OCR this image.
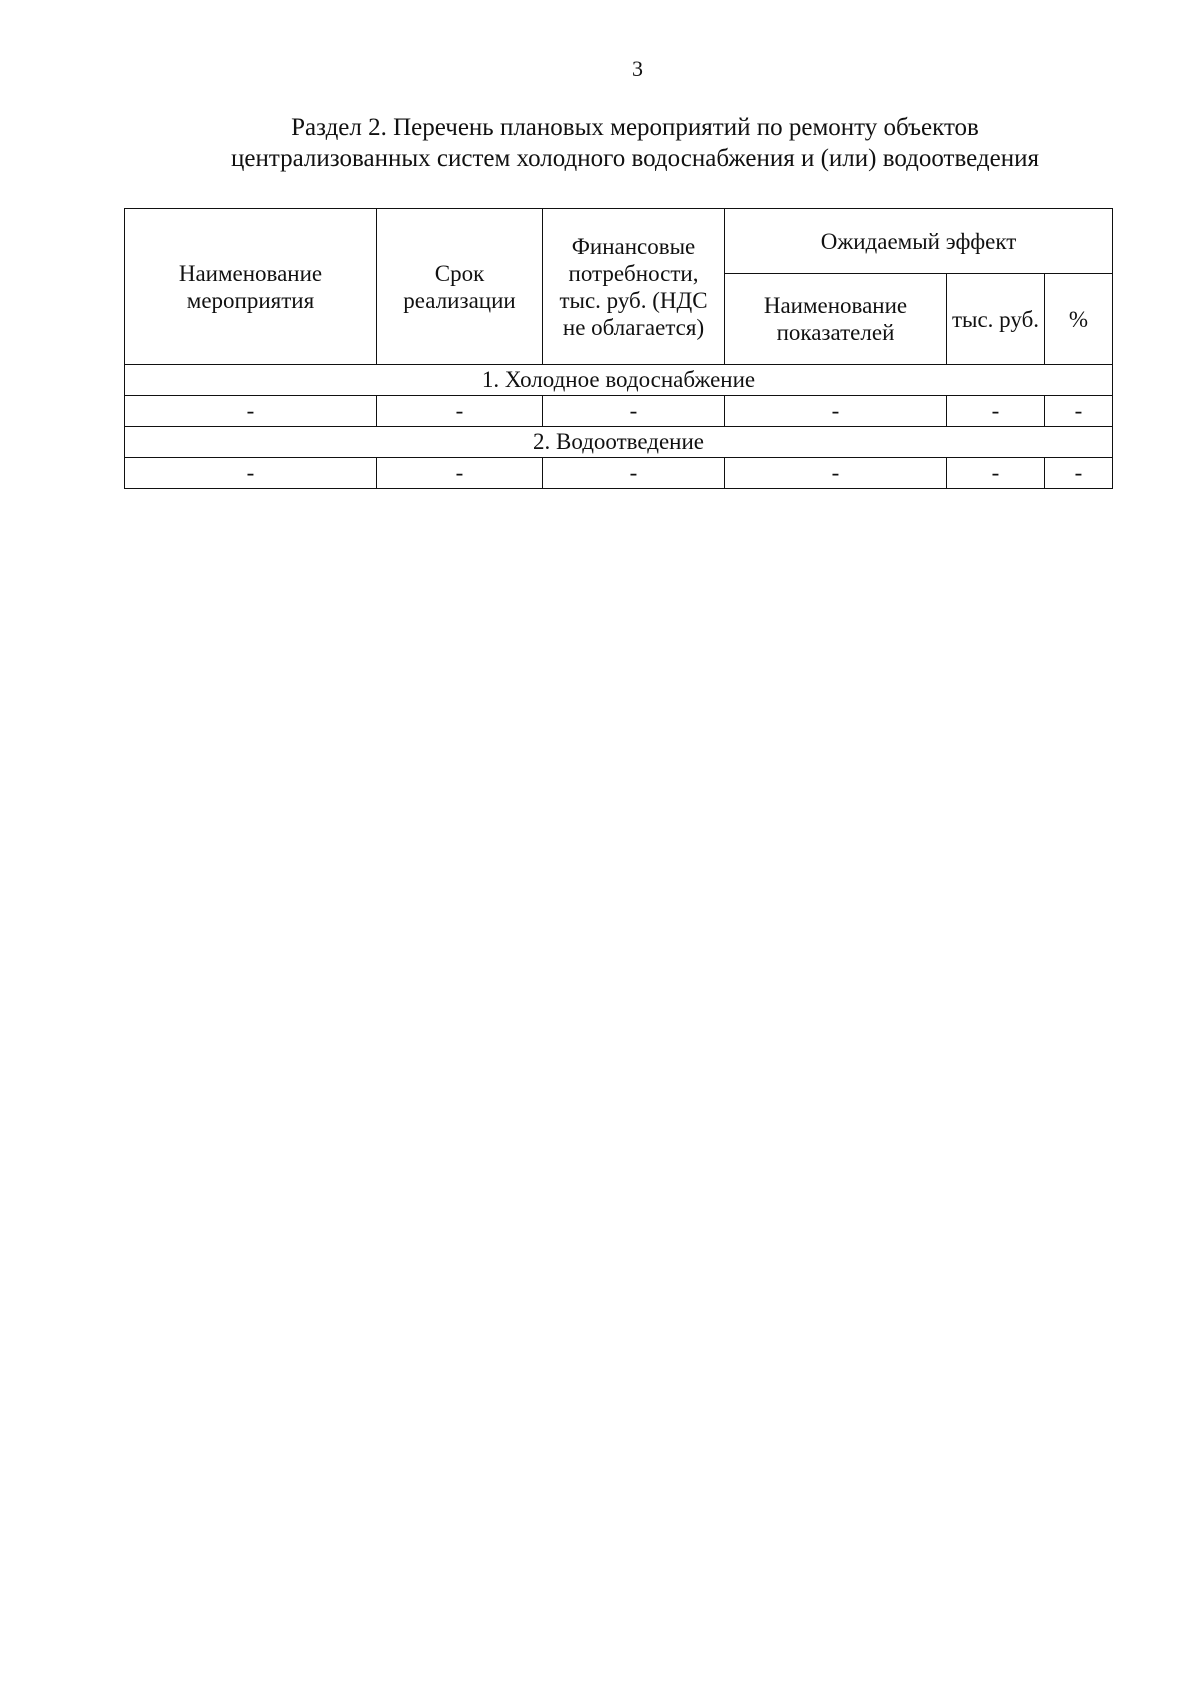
3
Раздел 2. Перечень плановых мероприятий по ремонту объектов
централизованных систем холодного водоснабжения и (или) водоотведения
Наименование мероприятия	Срок реализации	Финансовые потребности, тыс. руб. (НДС не облагается)	Ожидаемый эффект		
			Наименование показателей	тыс. руб.	%
1. Холодное водоснабжение					
-	-	-	-	-	-
2. Водоотведение					
-	-	-	-	-	-
